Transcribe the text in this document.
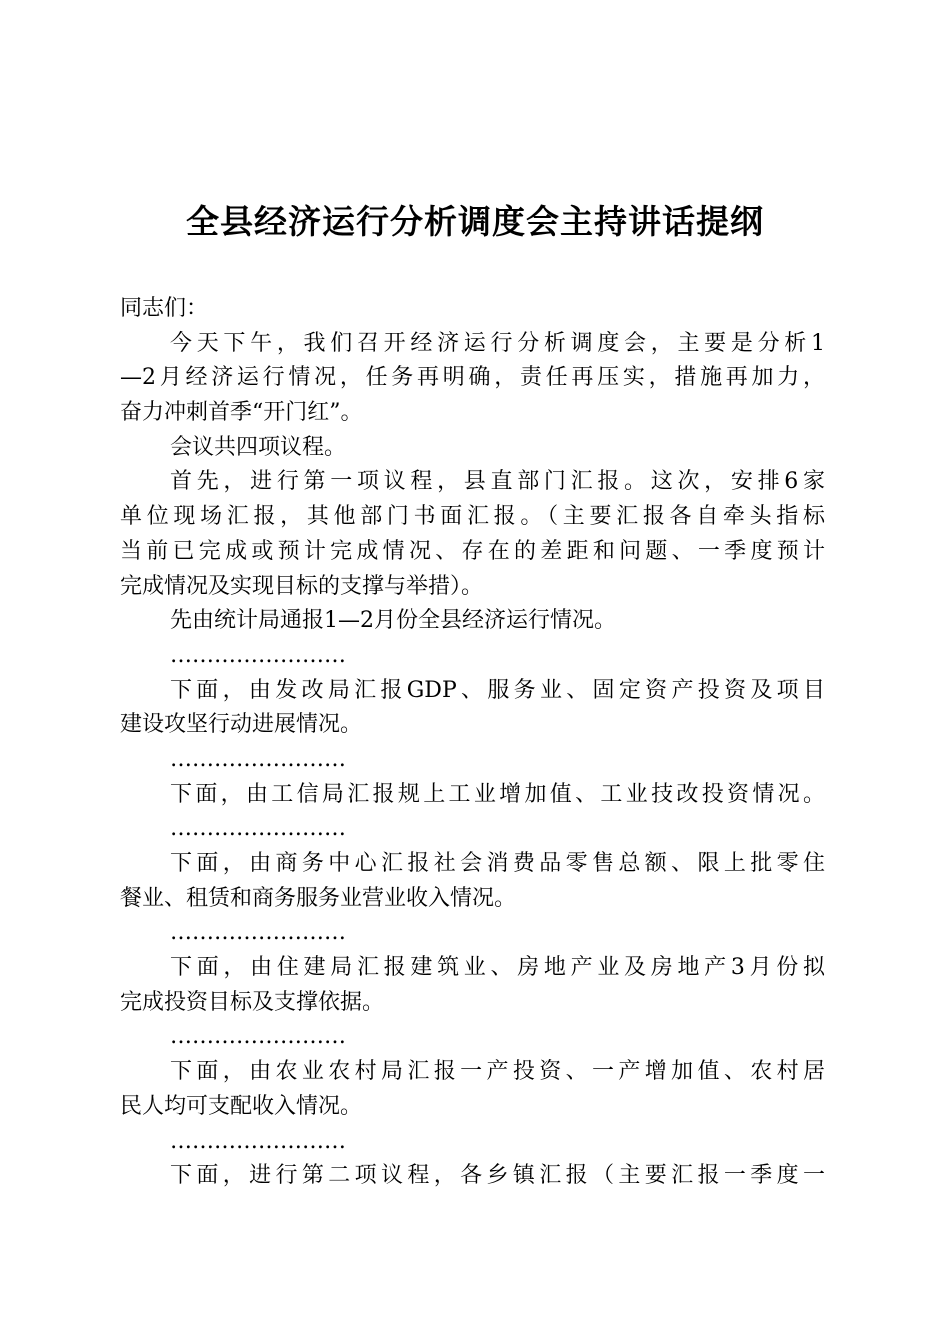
全县经济运行分析调度会主持讲话提纲
同志们：
今天下午，我们召开经济运行分析调度会，主要是分析1
—2月经济运行情况，任务再明确，责任再压实，措施再加力，
奋力冲刺首季“开门红”。
会议共四项议程。
首先，进行第一项议程，县直部门汇报。这次，安排6家
单位现场汇报，其他部门书面汇报。（主要汇报各自牵头指标
当前已完成或预计完成情况、存在的差距和问题、一季度预计
完成情况及实现目标的支撑与举措）。
先由统计局通报1—2月份全县经济运行情况。
……………………
下面，由发改局汇报GDP、服务业、固定资产投资及项目
建设攻坚行动进展情况。
……………………
下面，由工信局汇报规上工业增加值、工业技改投资情况。
……………………
下面，由商务中心汇报社会消费品零售总额、限上批零住
餐业、租赁和商务服务业营业收入情况。
……………………
下面，由住建局汇报建筑业、房地产业及房地产3月份拟
完成投资目标及支撑依据。
……………………
下面，由农业农村局汇报一产投资、一产增加值、农村居
民人均可支配收入情况。
……………………
下面，进行第二项议程，各乡镇汇报（主要汇报一季度一
